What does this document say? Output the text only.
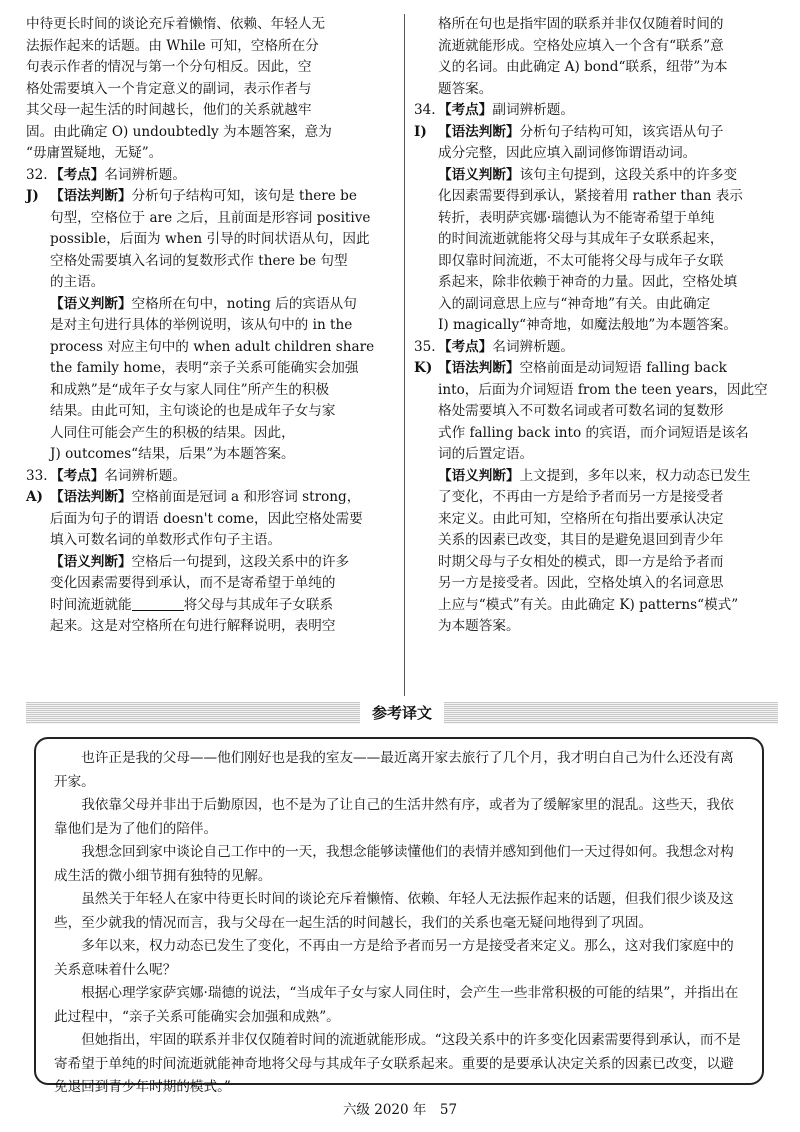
中待更长时间的谈论充斥着懒惰、依赖、年轻人无
法振作起来的话题。由 While 可知，空格所在分
句表示作者的情况与第一个分句相反。因此，空
格处需要填入一个肯定意义的副词，表示作者与
其父母一起生活的时间越长，他们的关系就越牢
固。由此确定 O) undoubtedly 为本题答案，意为
“毋庸置疑地，无疑”。
32. 【考点】名词辨析题。
J) 【语法判断】分析句子结构可知，该句是 there be
句型，空格位于 are 之后，且前面是形容词 positive
possible，后面为 when 引导的时间状语从句，因此
空格处需要填入名词的复数形式作 there be 句型
的主语。
【语义判断】空格所在句中，noting 后的宾语从句
是对主句进行具体的举例说明，该从句中的 in the
process 对应主句中的 when adult children share
the family home，表明“亲子关系可能确实会加强
和成熟”是“成年子女与家人同住”所产生的积极
结果。由此可知，主句谈论的也是成年子女与家
人同住可能会产生的积极的结果。因此，
J) outcomes“结果，后果”为本题答案。
33. 【考点】名词辨析题。
A) 【语法判断】空格前面是冠词 a 和形容词 strong，
后面为句子的谓语 doesn't come，因此空格处需要
填入可数名词的单数形式作句子主语。
【语义判断】空格后一句提到，这段关系中的许多
变化因素需要得到承认，而不是寄希望于单纯的
时间流逝就能	将父母与其成年子女联系
起来。这是对空格所在句进行解释说明，表明空
格所在句也是指牢固的联系并非仅仅随着时间的
流逝就能形成。空格处应填入一个含有“联系”意
义的名词。由此确定 A) bond“联系，纽带”为本
题答案。
34. 【考点】副词辨析题。
I) 【语法判断】分析句子结构可知，该宾语从句子
成分完整，因此应填入副词修饰谓语动词。
【语义判断】该句主句提到，这段关系中的许多变
化因素需要得到承认，紧接着用 rather than 表示
转折，表明萨宾娜·瑞德认为不能寄希望于单纯
的时间流逝就能将父母与其成年子女联系起来，
即仅靠时间流逝，不太可能将父母与成年子女联
系起来，除非依赖于神奇的力量。因此，空格处填
入的副词意思上应与“神奇地”有关。由此确定
I) magically“神奇地，如魔法般地”为本题答案。
35. 【考点】名词辨析题。
K) 【语法判断】空格前面是动词短语 falling back
into，后面为介词短语 from the teen years，因此空
格处需要填入不可数名词或者可数名词的复数形
式作 falling back into 的宾语，而介词短语是该名
词的后置定语。
【语义判断】上文提到，多年以来，权力动态已发生
了变化，不再由一方是给予者而另一方是接受者
来定义。由此可知，空格所在句指出要承认决定
关系的因素已改变，其目的是避免退回到青少年
时期父母与子女相处的模式，即一方是给予者而
另一方是接受者。因此，空格处填入的名词意思
上应与“模式”有关。由此确定 K) patterns“模式”
为本题答案。
参考译文

也许正是我的父母——他们刚好也是我的室友——最近离开家去旅行了几个月，我才明白自己为什么还没有离开家。

我依靠父母并非出于后勤原因，也不是为了让自己的生活井然有序，或者为了缓解家里的混乱。这些天，我依靠他们是为了他们的陪伴。

我想念回到家中谈论自己工作中的一天，我想念能够读懂他们的表情并感知到他们一天过得如何。我想念对构成生活的微小细节拥有独特的见解。

虽然关于年轻人在家中待更长时间的谈论充斥着懒惰、依赖、年轻人无法振作起来的话题，但我们很少谈及这些，至少就我的情况而言，我与父母在一起生活的时间越长，我们的关系也毫无疑问地得到了巩固。

多年以来，权力动态已发生了变化，不再由一方是给予者而另一方是接受者来定义。那么，这对我们家庭中的关系意味着什么呢？

根据心理学家萨宾娜·瑞德的说法，“当成年子女与家人同住时，会产生一些非常积极的可能的结果”，并指出在此过程中，“亲子关系可能确实会加强和成熟”。

但她指出，牢固的联系并非仅仅随着时间的流逝就能形成。“这段关系中的许多变化因素需要得到承认，而不是寄希望于单纯的时间流逝就能神奇地将父母与其成年子女联系起来。重要的是要承认决定关系的因素已改变，以避免退回到青少年时期的模式。”

六级 2020 年　57
